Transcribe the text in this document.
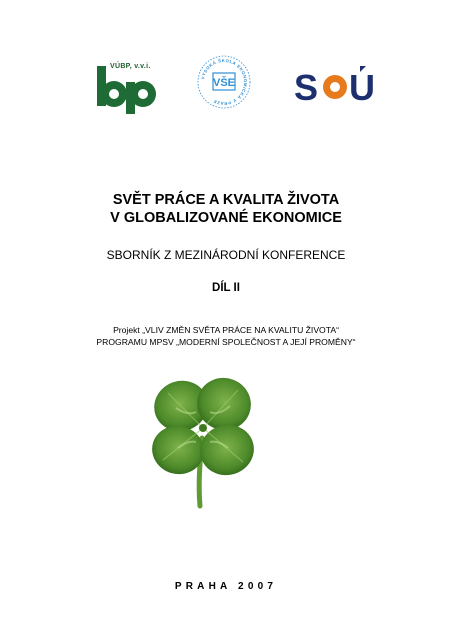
VÚBP, v.v.i.
VYSOKÁ ŠKOLA EKONOMICKÁ V PRAZE
VŠE S U
SOÚ
SVĚT PRÁCE A KVALITA ŽIVOTA
V GLOBALIZOVANÉ EKONOMICE
SBORNÍK Z MEZINÁRODNÍ KONFERENCE
DÍL II
Projekt „VLIV ZMĚN SVĚTA PRÁCE NA KVALITU ŽIVOTA“
PROGRAMU MPSV „MODERNÍ SPOLEČNOST A JEJÍ PROMĚNY“
PRAHA 2007
